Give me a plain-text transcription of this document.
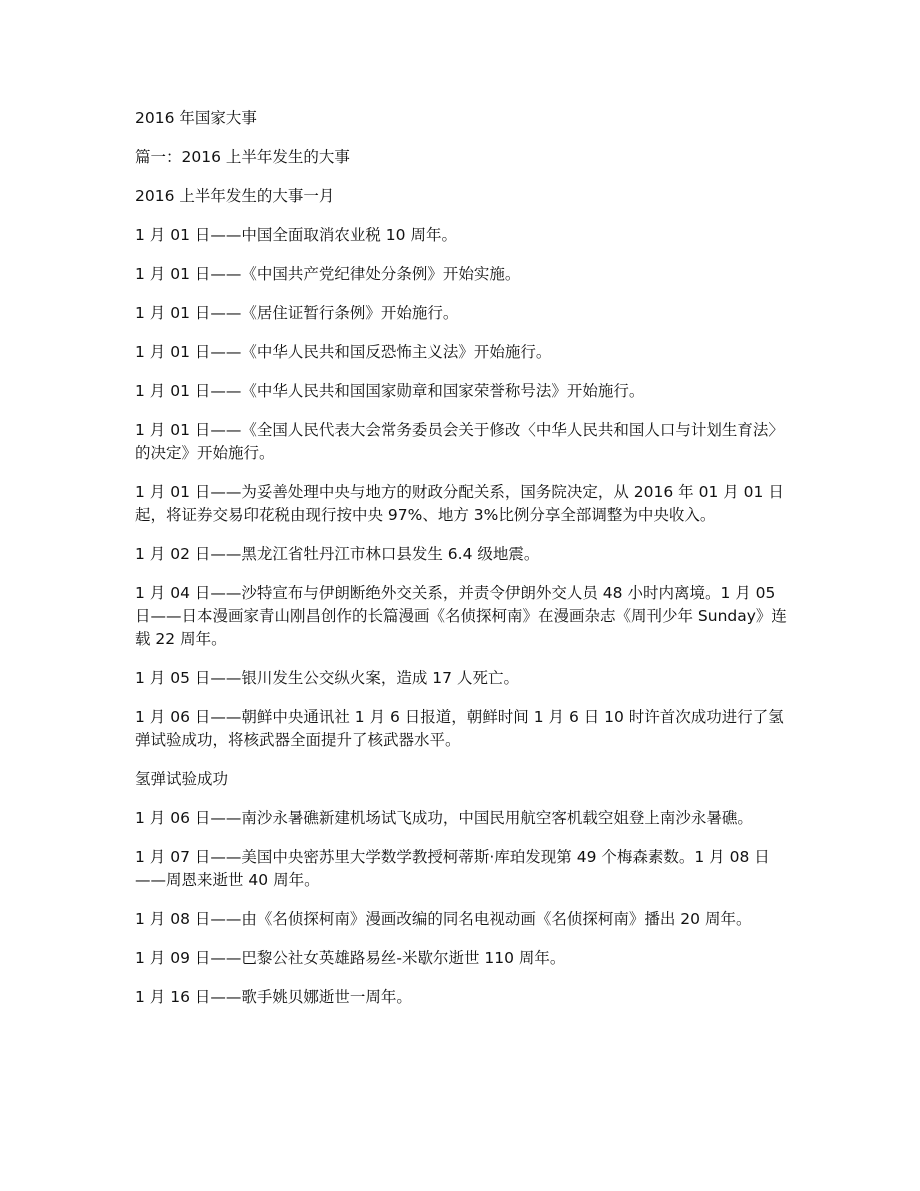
2016 年国家大事

篇一：2016 上半年发生的大事

2016 上半年发生的大事一月

1 月 01 日——中国全面取消农业税 10 周年。

1 月 01 日——《中国共产党纪律处分条例》开始实施。

1 月 01 日——《居住证暂行条例》开始施行。

1 月 01 日——《中华人民共和国反恐怖主义法》开始施行。

1 月 01 日——《中华人民共和国国家勋章和国家荣誉称号法》开始施行。

1 月 01 日——《全国人民代表大会常务委员会关于修改〈中华人民共和国人口与计划生育法〉的决定》开始施行。

1 月 01 日——为妥善处理中央与地方的财政分配关系，国务院决定，从 2016 年 01 月 01 日起，将证券交易印花税由现行按中央 97%、地方 3%比例分享全部调整为中央收入。

1 月 02 日——黑龙江省牡丹江市林口县发生 6.4 级地震。

1 月 04 日——沙特宣布与伊朗断绝外交关系，并责令伊朗外交人员 48 小时内离境。1 月 05 日——日本漫画家青山刚昌创作的长篇漫画《名侦探柯南》在漫画杂志《周刊少年 Sunday》连载 22 周年。

1 月 05 日——银川发生公交纵火案，造成 17 人死亡。

1 月 06 日——朝鲜中央通讯社 1 月 6 日报道，朝鲜时间 1 月 6 日 10 时许首次成功进行了氢弹试验成功，将核武器全面提升了核武器水平。

氢弹试验成功

1 月 06 日——南沙永暑礁新建机场试飞成功，中国民用航空客机载空姐登上南沙永暑礁。

1 月 07 日——美国中央密苏里大学数学教授柯蒂斯·库珀发现第 49 个梅森素数。1 月 08 日——周恩来逝世 40 周年。

1 月 08 日——由《名侦探柯南》漫画改编的同名电视动画《名侦探柯南》播出 20 周年。

1 月 09 日——巴黎公社女英雄路易丝-米歇尔逝世 110 周年。

1 月 16 日——歌手姚贝娜逝世一周年。
